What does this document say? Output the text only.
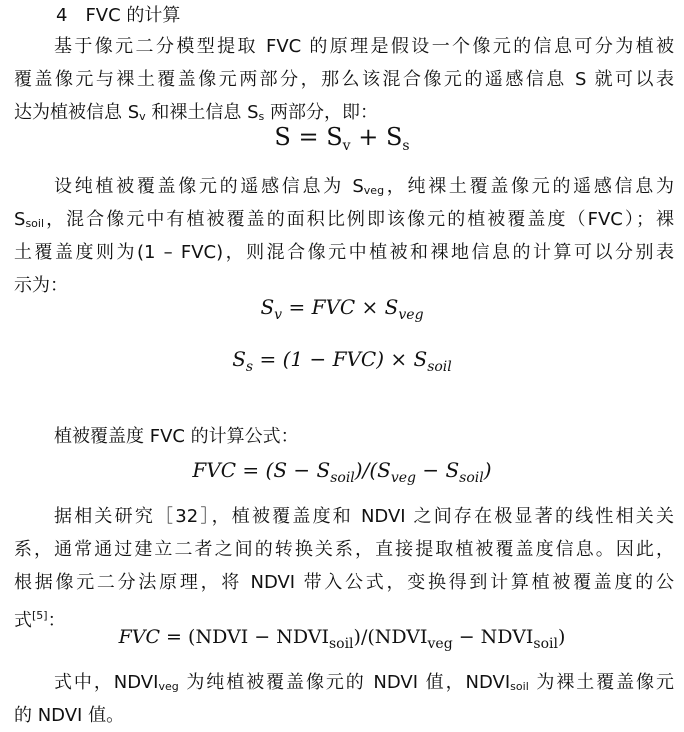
4 FVC 的计算
基于像元二分模型提取 FVC 的原理是假设一个像元的信息可分为植被
覆盖像元与裸土覆盖像元两部分，那么该混合像元的遥感信息 S 就可以表
达为植被信息 Sv 和裸土信息 Ss 两部分，即：
$S = S_v + S_s$
设纯植被覆盖像元的遥感信息为 Sveg，纯裸土覆盖像元的遥感信息为
Ssoil，混合像元中有植被覆盖的面积比例即该像元的植被覆盖度（FVC）；裸
土覆盖度则为(1 – FVC)，则混合像元中植被和裸地信息的计算可以分别表
示为：
$S_v$ = FVC × $S_{veg}$
$S_s = (1 - FVC) \times S_{soil}$
植被覆盖度 FVC 的计算公式：
FVC = $(S - S_{soil})/(S_{veg} - S_{soil})$
据相关研究［32］，植被覆盖度和 NDVI 之间存在极显著的线性相关关
系，通常通过建立二者之间的转换关系，直接提取植被覆盖度信息。因此，
根据像元二分法原理，将 NDVI 带入公式，变换得到计算植被覆盖度的公
式[5]：
FVC = (NDVI − $NDVI_{soil})/(NDVI_{veg}$ − $NDVI_{soil}$)
式中，NDVIveg 为纯植被覆盖像元的 NDVI 值，NDVIsoil 为裸土覆盖像元
的 NDVI 值。
